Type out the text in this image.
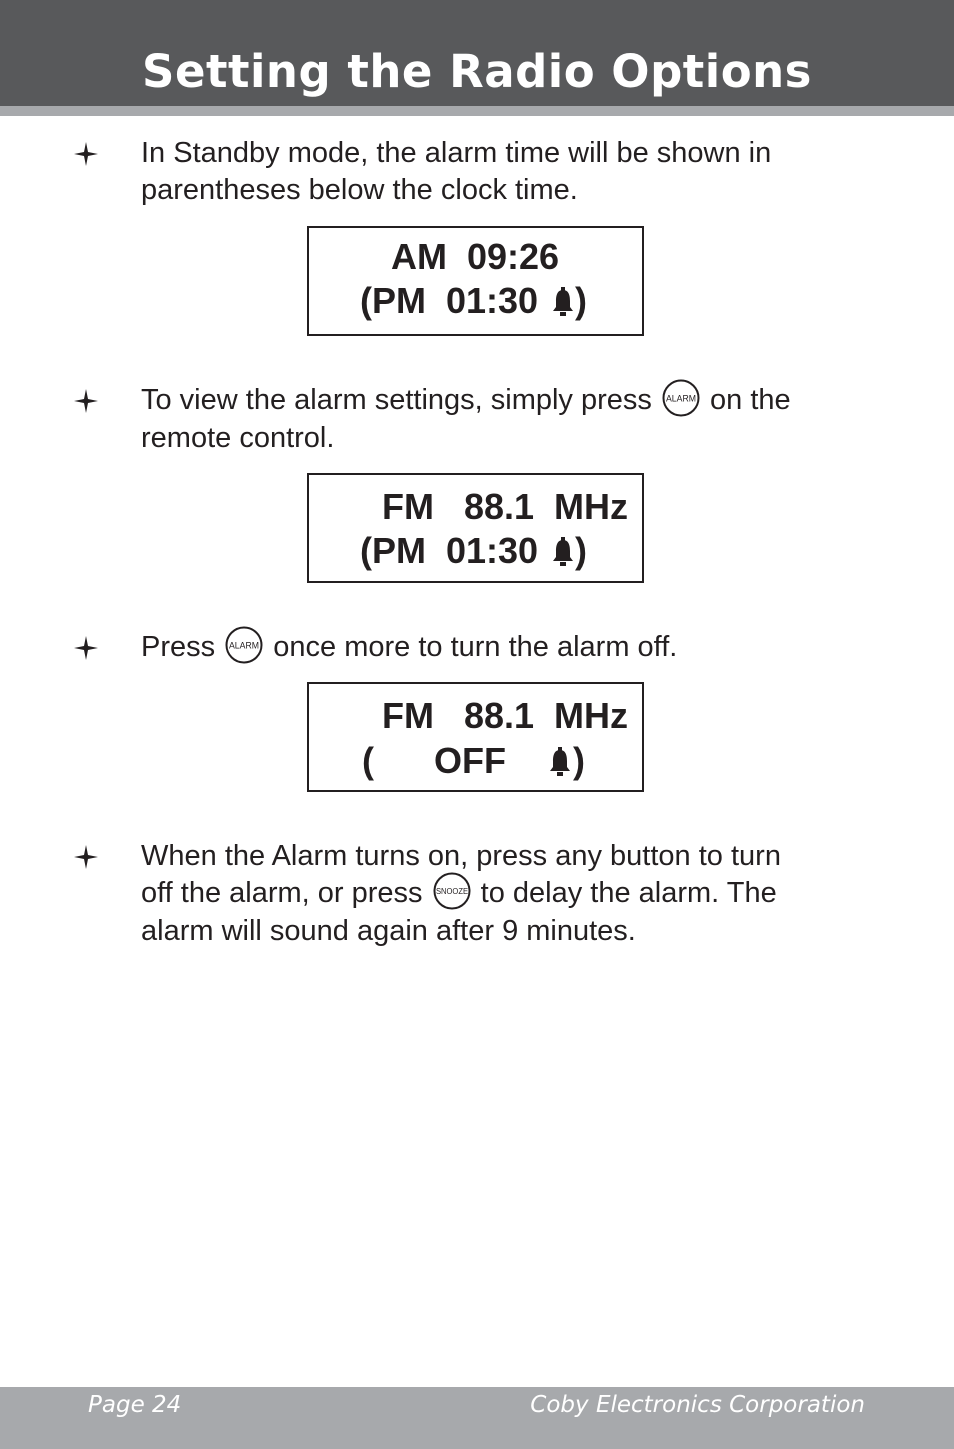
Setting the Radio Options
In Standby mode, the alarm time will be shown in parentheses below the clock time.
AM  09:26
(PM  01:30 )
To view the alarm settings, simply press ALARM on the
remote control.
FM   88.1  MHz
(PM  01:30 )
Press ALARM once more to turn the alarm off.
FM   88.1  MHz
( OFF )
When the Alarm turns on, press any button to turn
off the alarm, or press SNOOZE to delay the alarm. The
alarm will sound again after 9 minutes.
Page 24	Coby Electronics Corporation
